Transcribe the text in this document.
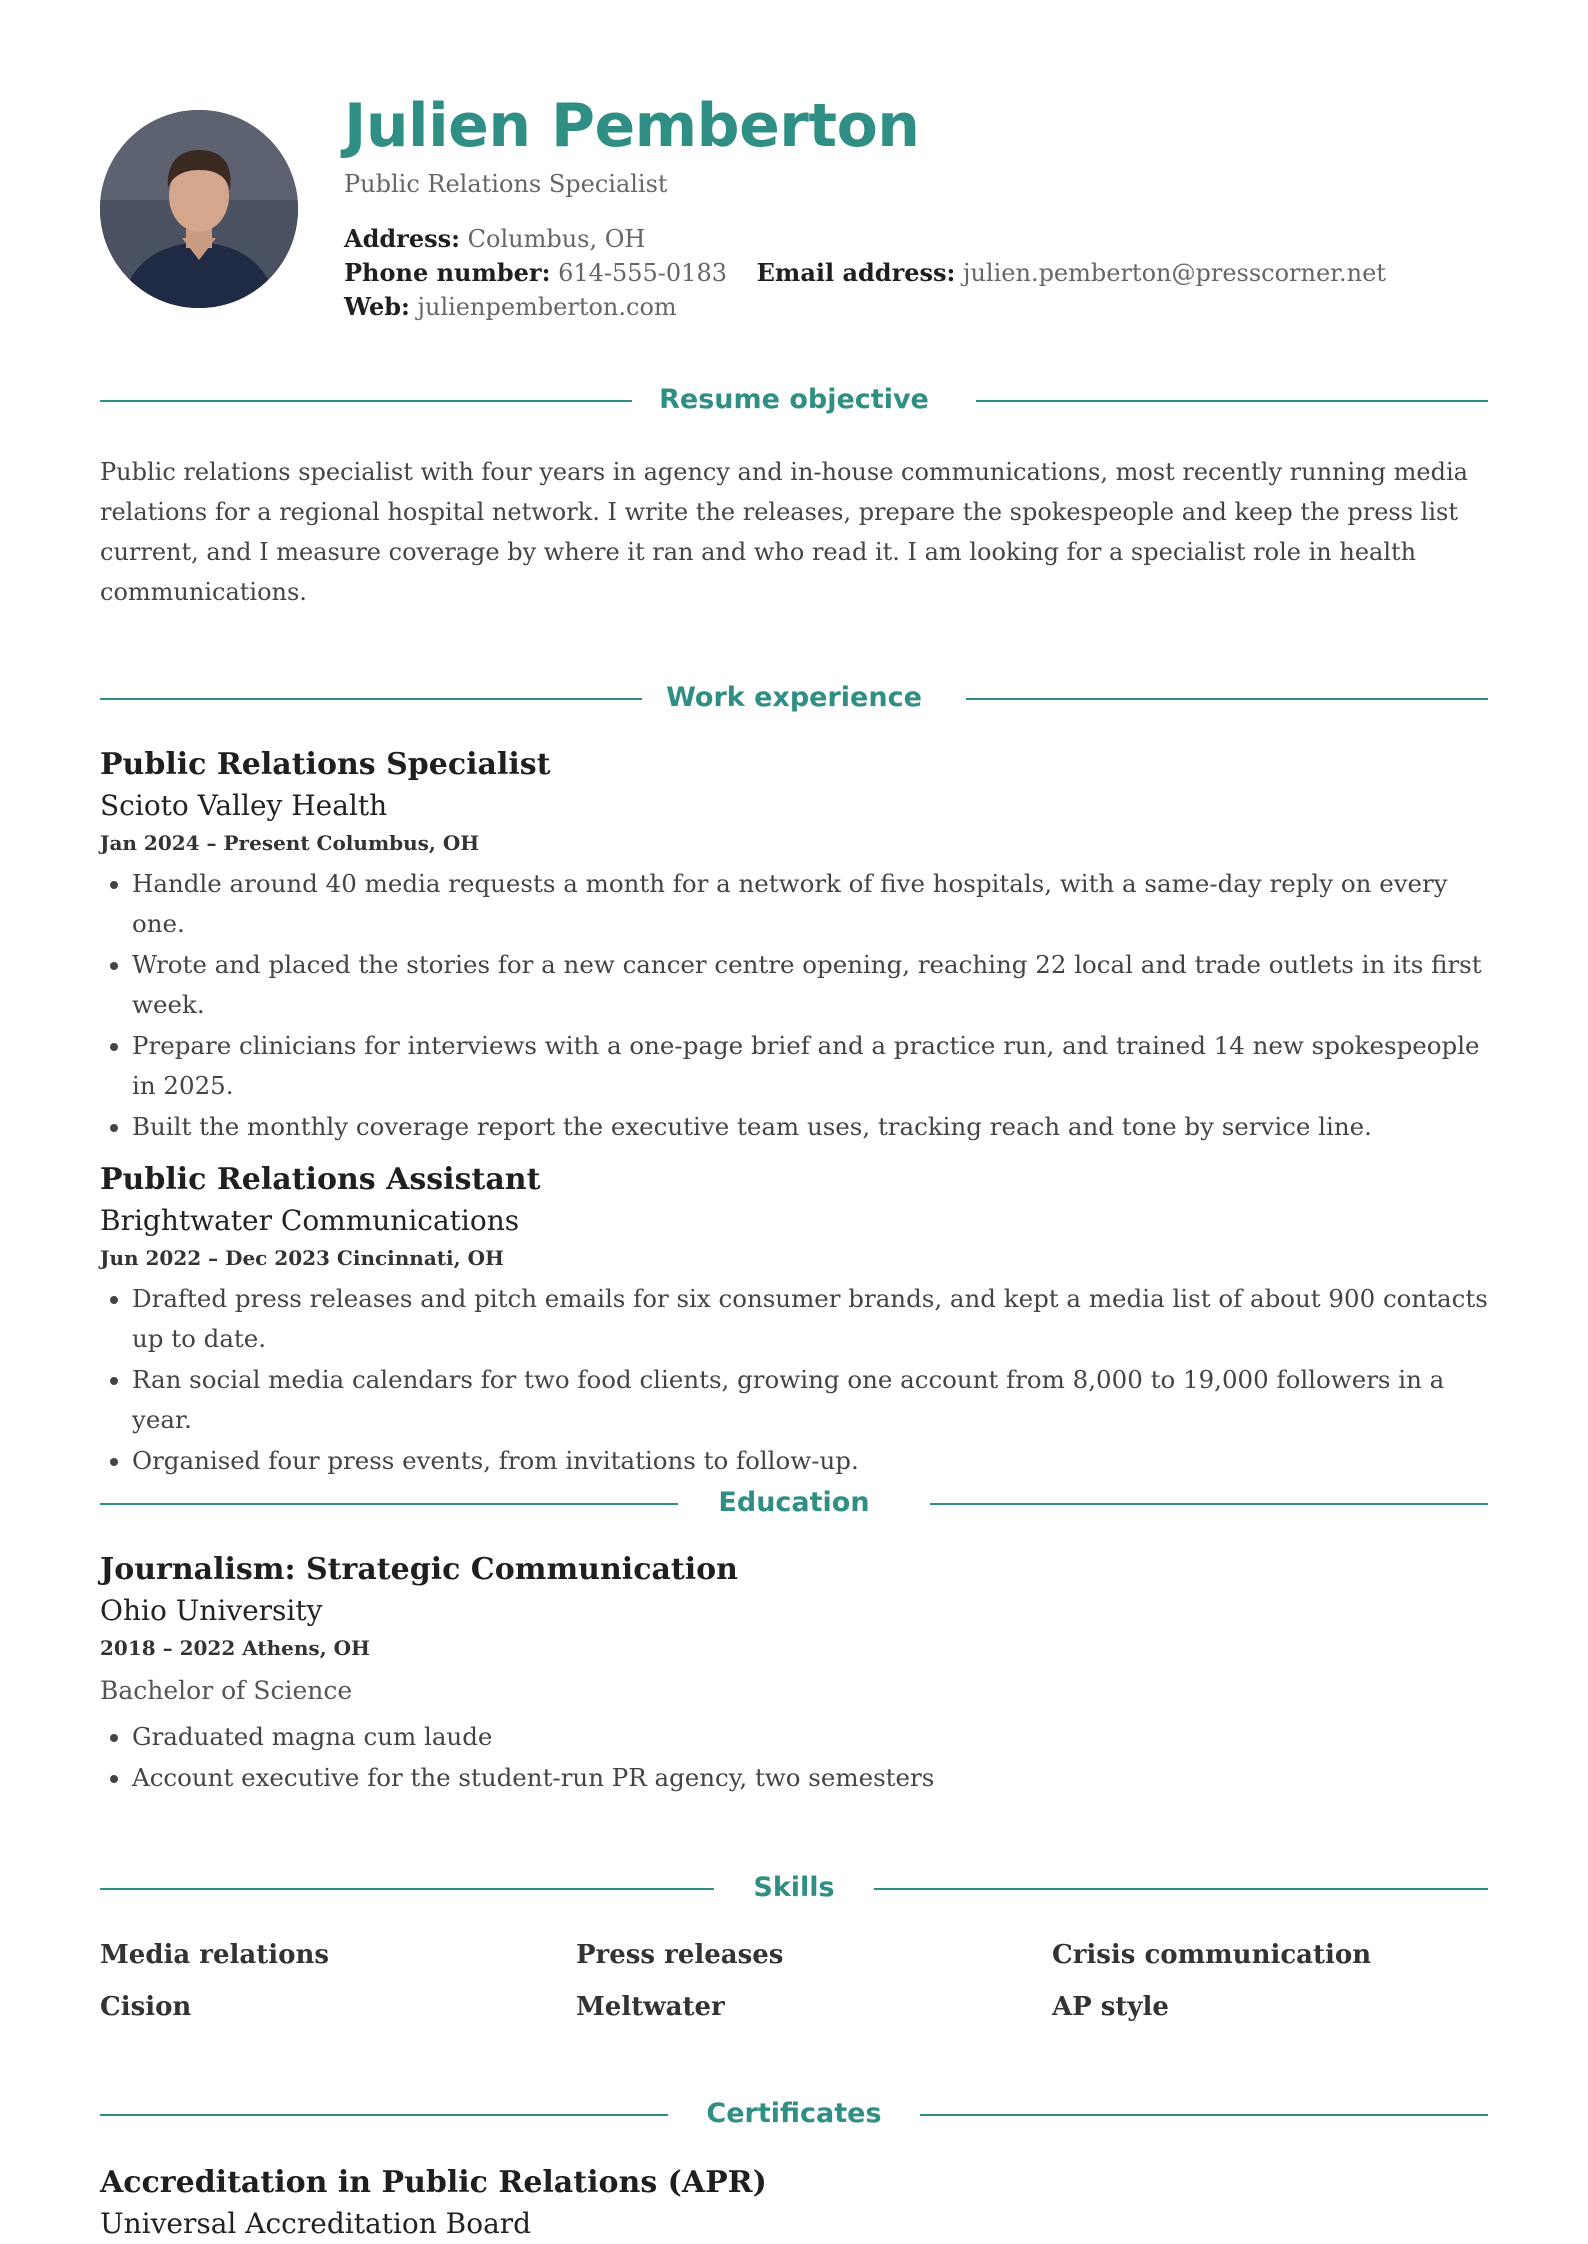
Julien Pemberton
Public Relations Specialist
Address: Columbus, OH
Phone number: 614-555-0183 Email address: julien.pemberton@presscorner.net
Web: julienpemberton.com
Resume objective

Public relations specialist with four years in agency and in-house communications, most recently running media relations for a regional hospital network. I write the releases, prepare the spokespeople and keep the press list current, and I measure coverage by where it ran and who read it. I am looking for a specialist role in health communications.

Work experience

Public Relations Specialist

Scioto Valley Health

Jan 2024 – Present Columbus, OH

• Handle around 40 media requests a month for a network of five hospitals, with a same-day reply on every one.
• Wrote and placed the stories for a new cancer centre opening, reaching 22 local and trade outlets in its first week.
• Prepare clinicians for interviews with a one-page brief and a practice run, and trained 14 new spokespeople in 2025.
• Built the monthly coverage report the executive team uses, tracking reach and tone by service line.

Public Relations Assistant

Brightwater Communications

Jun 2022 – Dec 2023 Cincinnati, OH

• Drafted press releases and pitch emails for six consumer brands, and kept a media list of about 900 contacts up to date.
• Ran social media calendars for two food clients, growing one account from 8,000 to 19,000 followers in a year.
• Organised four press events, from invitations to follow-up.
Education

Journalism: Strategic Communication

Ohio University

2018 – 2022 Athens, OH

Bachelor of Science

• Graduated magna cum laude
• Account executive for the student-run PR agency, two semesters
Skills
Media relations	Press releases	Crisis communication
Cision	Meltwater	AP style
Certificates

Accreditation in Public Relations (APR)

Universal Accreditation Board
